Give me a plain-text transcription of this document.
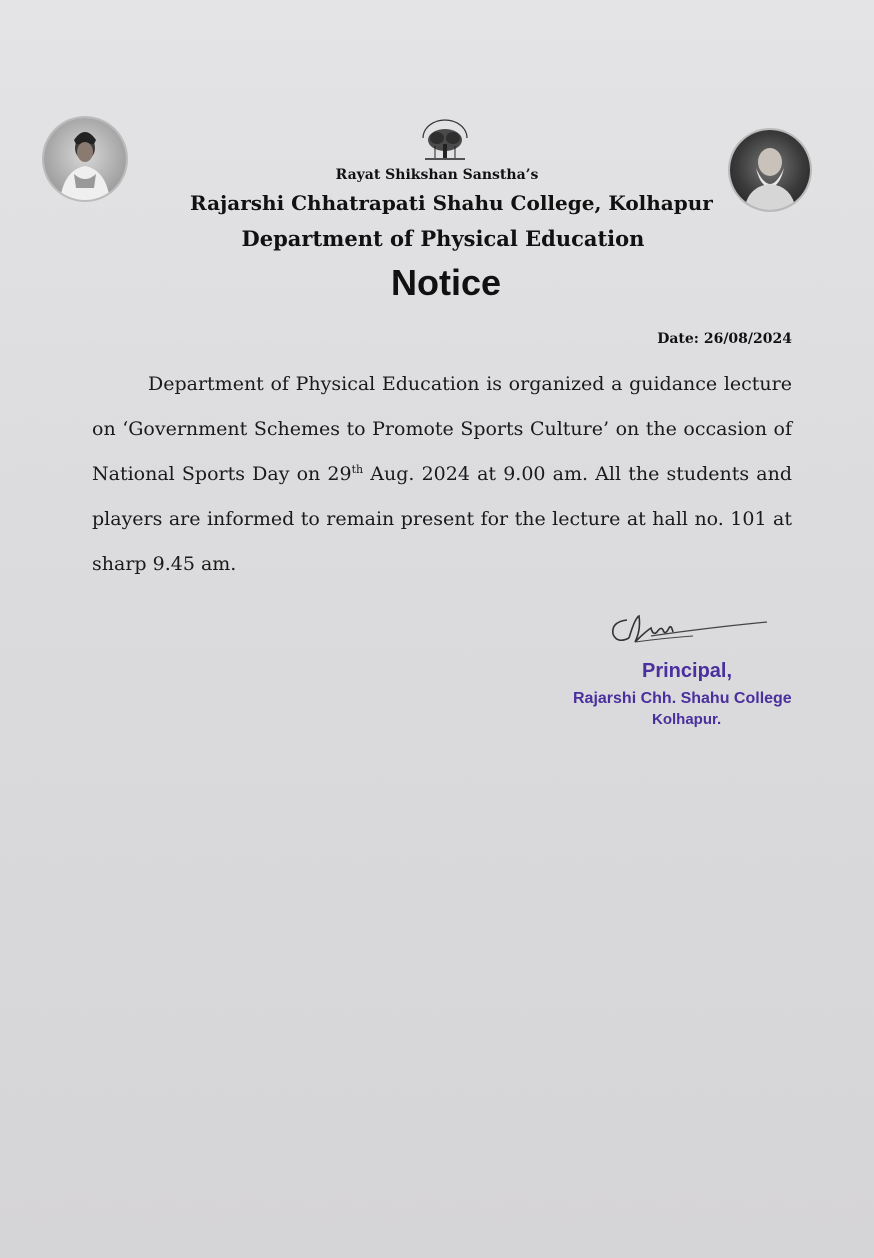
Rayat Shikshan Sanstha’s
Rajarshi Chhatrapati Shahu College, Kolhapur
Department of Physical Education
Notice
Date: 26/08/2024
Department of Physical Education is organized a guidance lecture on ‘Government Schemes to Promote Sports Culture’ on the occasion of National Sports Day on 29th Aug. 2024 at 9.00 am. All the students and players are informed to remain present for the lecture at hall no. 101 at sharp 9.45 am.
Principal,
Rajarshi Chh. Shahu College
Kolhapur.
